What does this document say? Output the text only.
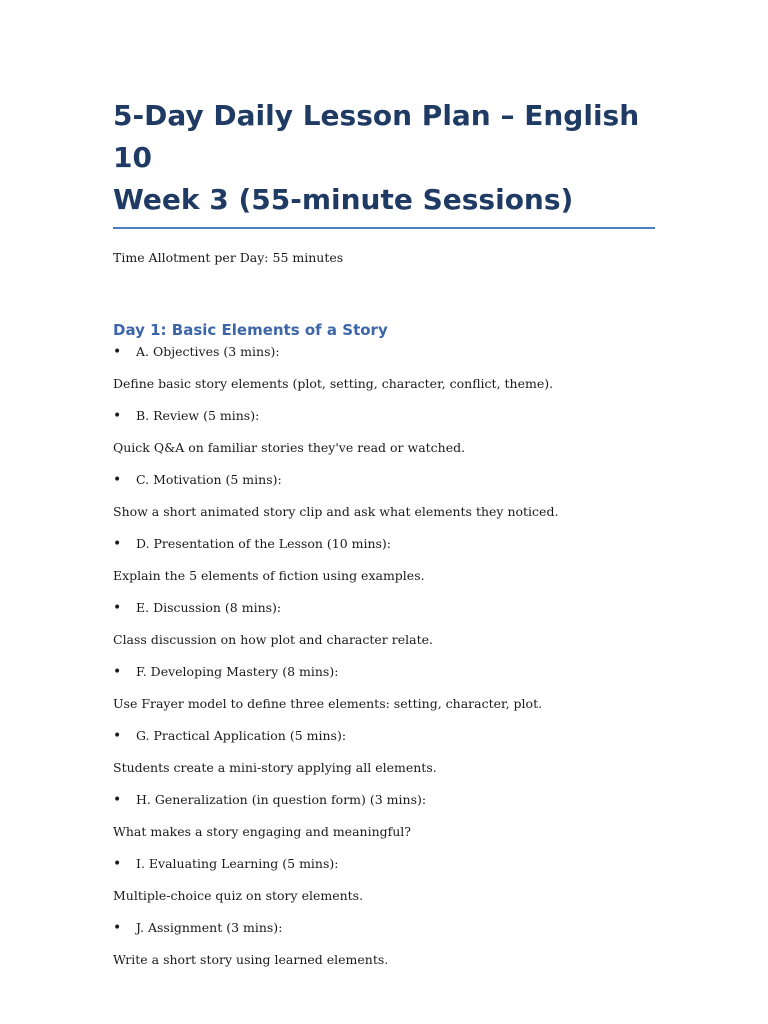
5-Day Daily Lesson Plan – English 10
Week 3 (55-minute Sessions)
Time Allotment per Day: 55 minutes
Day 1: Basic Elements of a Story
• A. Objectives (3 mins):
Define basic story elements (plot, setting, character, conflict, theme).
• B. Review (5 mins):
Quick Q&A on familiar stories they've read or watched.
• C. Motivation (5 mins):
Show a short animated story clip and ask what elements they noticed.
• D. Presentation of the Lesson (10 mins):
Explain the 5 elements of fiction using examples.
• E. Discussion (8 mins):
Class discussion on how plot and character relate.
• F. Developing Mastery (8 mins):
Use Frayer model to define three elements: setting, character, plot.
• G. Practical Application (5 mins):
Students create a mini-story applying all elements.
• H. Generalization (in question form) (3 mins):
What makes a story engaging and meaningful?
• I. Evaluating Learning (5 mins):
Multiple-choice quiz on story elements.
• J. Assignment (3 mins):
Write a short story using learned elements.
